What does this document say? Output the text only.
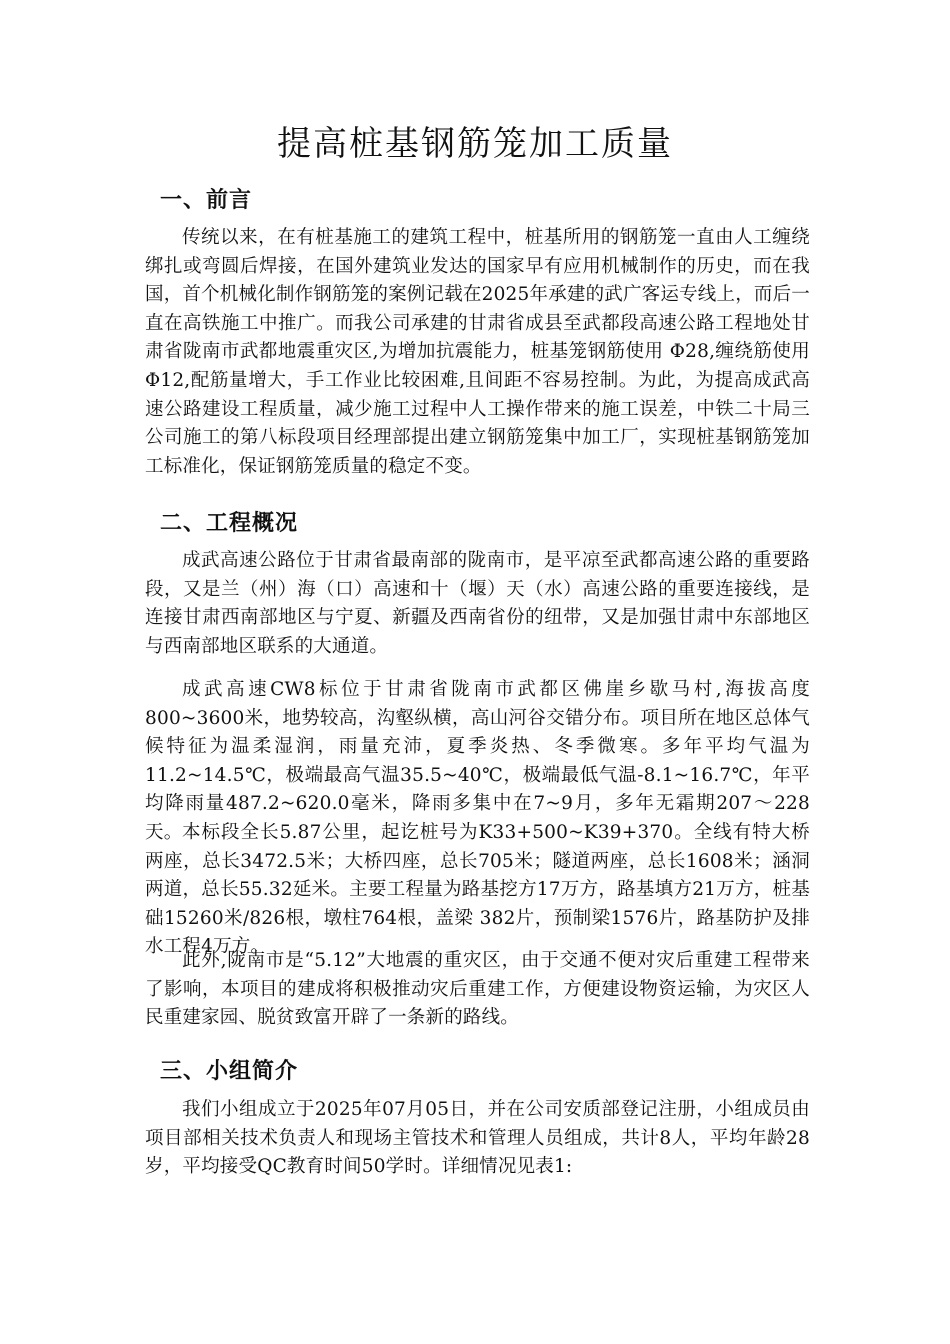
提高桩基钢筋笼加工质量
一、前言

传统以来，在有桩基施工的建筑工程中，桩基所用的钢筋笼一直由人工缠绕绑扎或弯圆后焊接，在国外建筑业发达的国家早有应用机械制作的历史，而在我国，首个机械化制作钢筋笼的案例记载在2025年承建的武广客运专线上，而后一直在高铁施工中推广。而我公司承建的甘肃省成县至武都段高速公路工程地处甘肃省陇南市武都地震重灾区,为增加抗震能力，桩基笼钢筋使用 Φ28,缠绕筋使用 Φ12,配筋量增大，手工作业比较困难,且间距不容易控制。为此，为提高成武高速公路建设工程质量，减少施工过程中人工操作带来的施工误差，中铁二十局三公司施工的第八标段项目经理部提出建立钢筋笼集中加工厂，实现桩基钢筋笼加工标准化，保证钢筋笼质量的稳定不变。

二、工程概况

成武高速公路位于甘肃省最南部的陇南市，是平凉至武都高速公路的重要路段，又是兰（州）海（口）高速和十（堰）天（水）高速公路的重要连接线，是连接甘肃西南部地区与宁夏、新疆及西南省份的纽带，又是加强甘肃中东部地区与西南部地区联系的大通道。

成武高速CW8标位于甘肃省陇南市武都区佛崖乡歇马村,海拔高度800~3600米，地势较高，沟壑纵横，高山河谷交错分布。项目所在地区总体气候特征为温柔湿润，雨量充沛，夏季炎热、冬季微寒。多年平均气温为11.2~14.5℃，极端最高气温35.5~40℃，极端最低气温-8.1~16.7℃，年平均降雨量487.2~620.0毫米，降雨多集中在7~9月，多年无霜期207～228天。 本标段全长5.87公里，起讫桩号为K33+500~K39+370。全线有特大桥两座，总长3472.5米；大桥四座，总长705米；隧道两座，总长1608米；涵洞两道，总长55.32延米。主要工程量为路基挖方17万方，路基填方21万方，桩基础15260米/826根，墩柱764根，盖梁 382片，预制梁1576片，路基防护及排水工程4万方。

此外,陇南市是“5.12”大地震的重灾区，由于交通不便对灾后重建工程带来了影响，本项目的建成将积极推动灾后重建工作，方便建设物资运输，为灾区人民重建家园、脱贫致富开辟了一条新的路线。

三、小组简介

我们小组成立于2025年07月05日，并在公司安质部登记注册，小组成员由项目部相关技术负责人和现场主管技术和管理人员组成，共计8人，平均年龄28岁，平均接受QC教育时间50学时。详细情况见表1:
